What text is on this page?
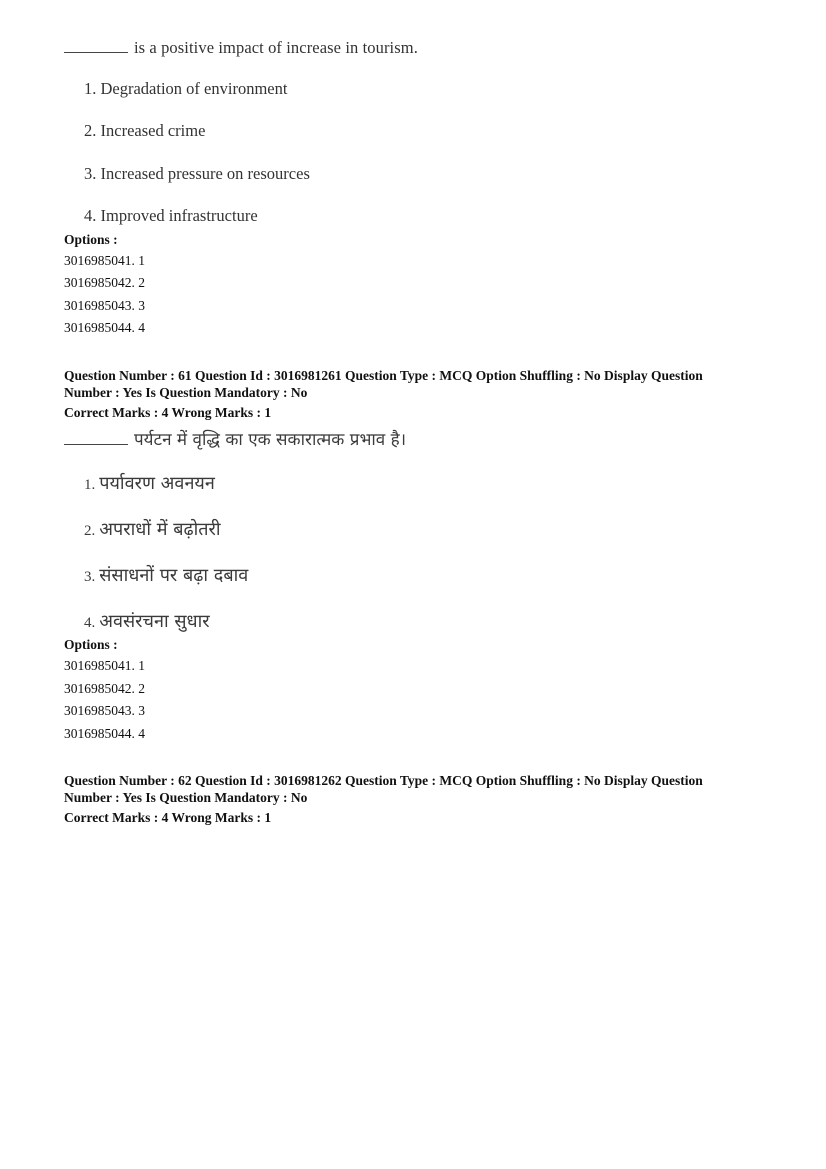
is a positive impact of increase in tourism.
1. Degradation of environment
2. Increased crime
3. Increased pressure on resources
4. Improved infrastructure
Options :
3016985041. 1
3016985042. 2
3016985043. 3
3016985044. 4
Question Number : 61 Question Id : 3016981261 Question Type : MCQ Option Shuffling : No Display Question
Number : Yes Is Question Mandatory : No
Correct Marks : 4 Wrong Marks : 1
पर्यटन में वृद्धि का एक सकारात्मक प्रभाव है।
1. पर्यावरण अवनयन
2. अपराधों में बढ़ोतरी
3. संसाधनों पर बढ़ा दबाव
4. अवसंरचना सुधार
Options :
3016985041. 1
3016985042. 2
3016985043. 3
3016985044. 4
Question Number : 62 Question Id : 3016981262 Question Type : MCQ Option Shuffling : No Display Question
Number : Yes Is Question Mandatory : No
Correct Marks : 4 Wrong Marks : 1
